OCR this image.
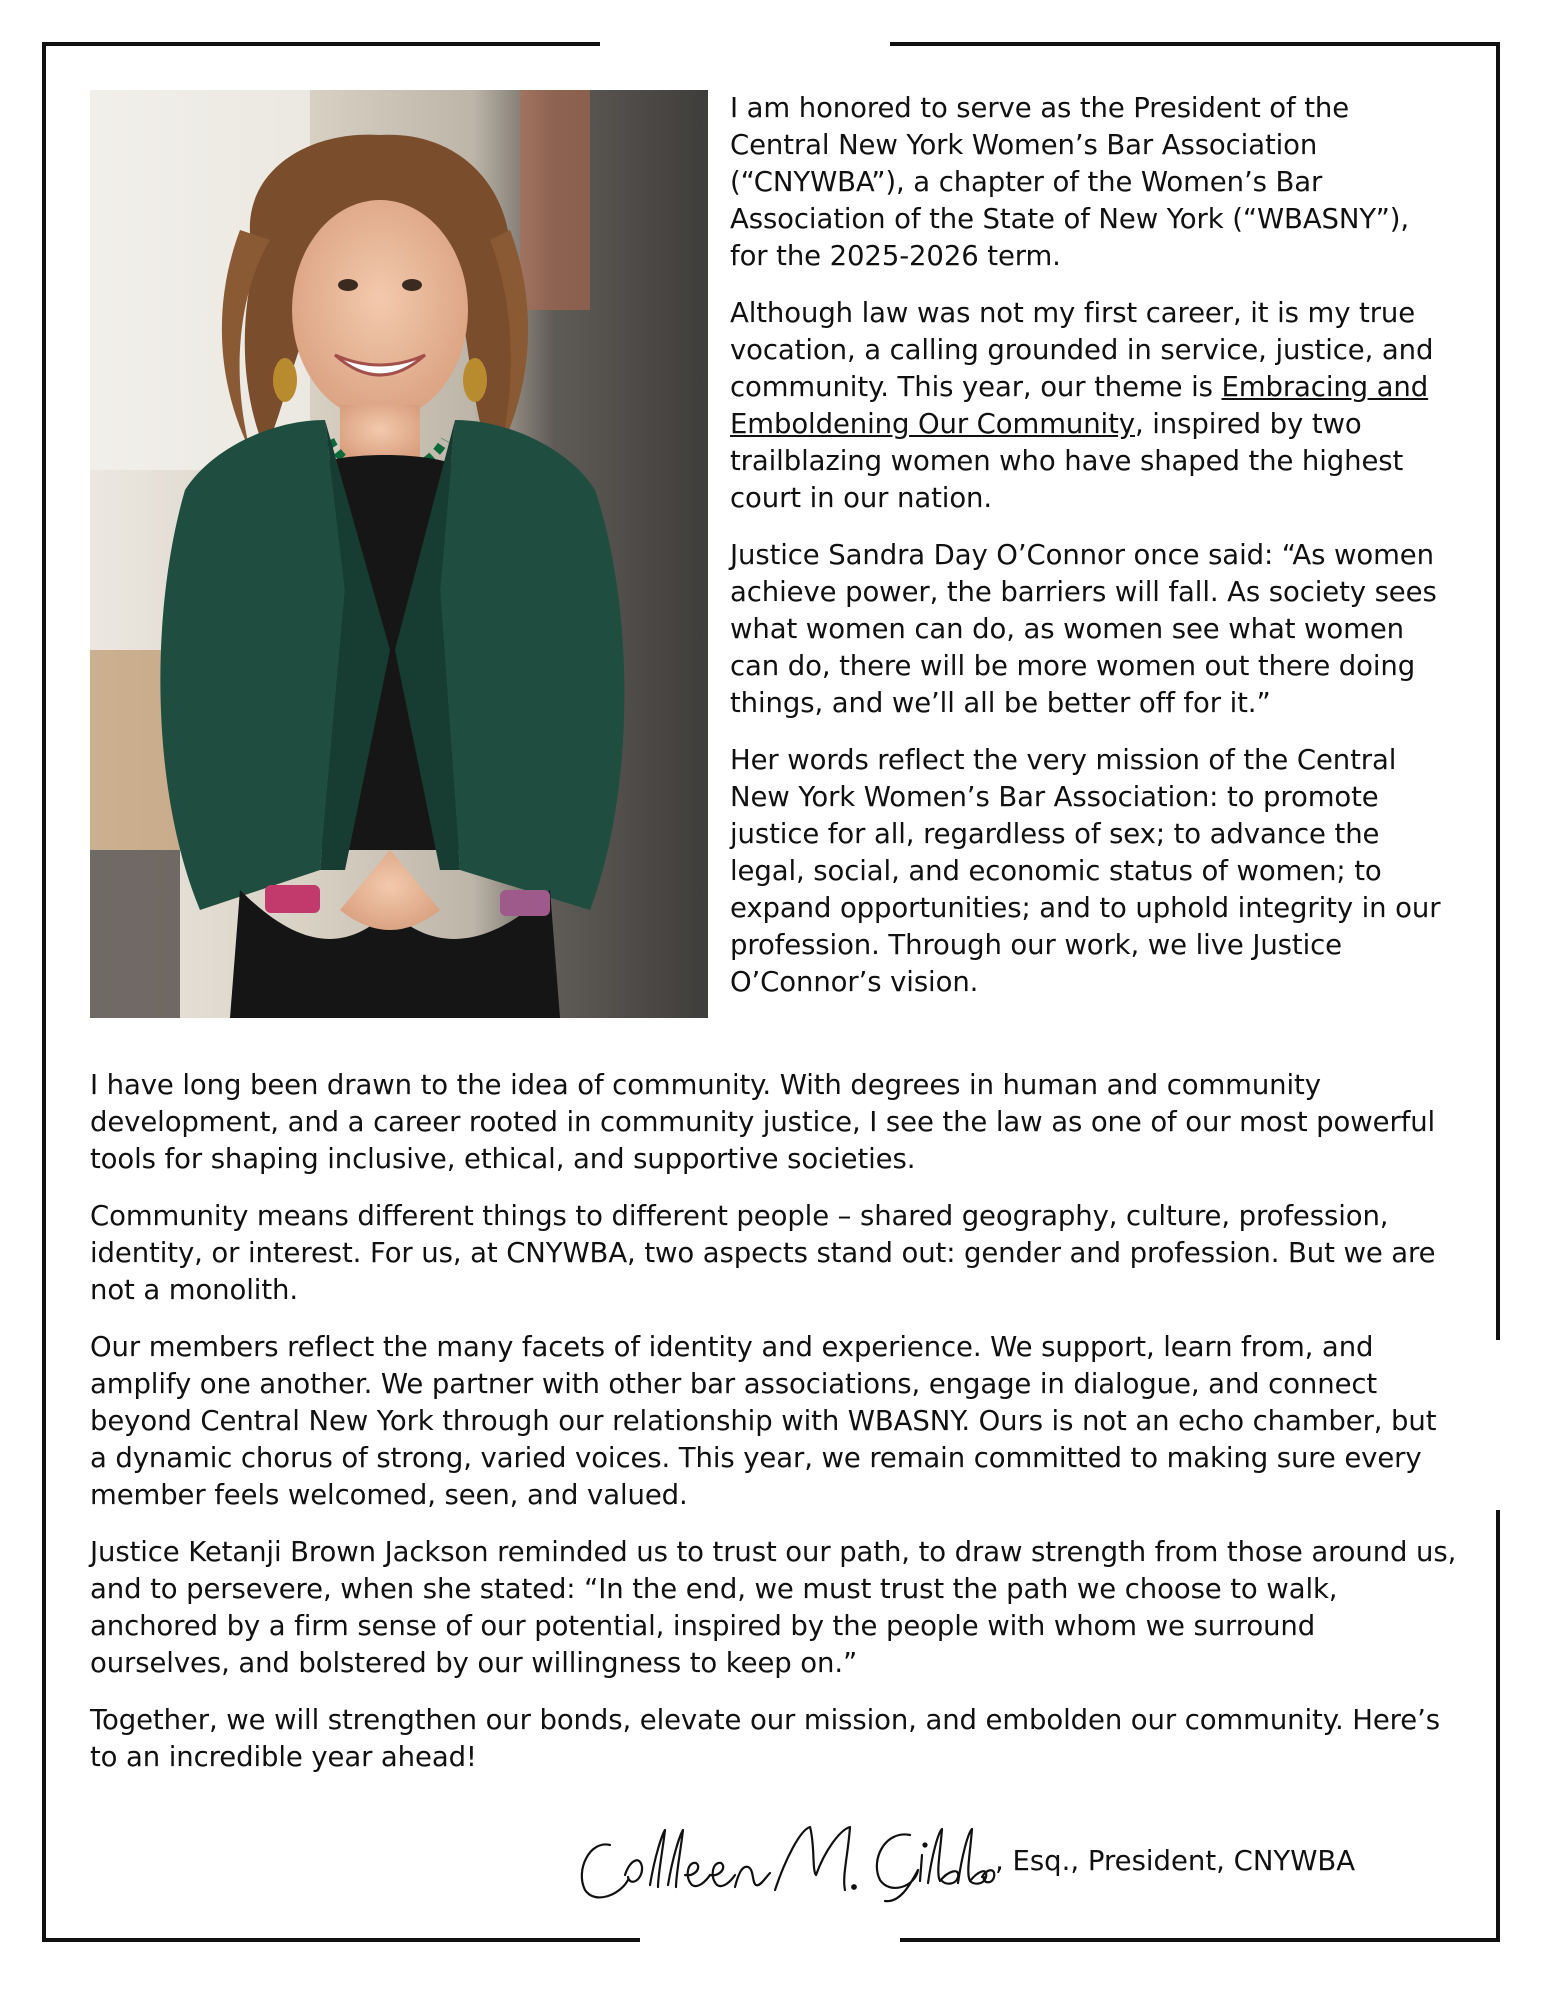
I am honored to serve as the President of the Central New York Women’s Bar Association (“CNYWBA”), a chapter of the Women’s Bar Association of the State of New York (“WBASNY”), for the 2025-2026 term.

Although law was not my first career, it is my true vocation, a calling grounded in service, justice, and community. This year, our theme is Embracing and Emboldening Our Community, inspired by two trailblazing women who have shaped the highest court in our nation.

Justice Sandra Day O’Connor once said: “As women achieve power, the barriers will fall. As society sees what women can do, as women see what women can do, there will be more women out there doing things, and we’ll all be better off for it.”

Her words reflect the very mission of the Central New York Women’s Bar Association: to promote justice for all, regardless of sex; to advance the legal, social, and economic status of women; to expand opportunities; and to uphold integrity in our profession. Through our work, we live Justice O’Connor’s vision.

I have long been drawn to the idea of community. With degrees in human and community development, and a career rooted in community justice, I see the law as one of our most powerful tools for shaping inclusive, ethical, and supportive societies.

Community means different things to different people – shared geography, culture, profession, identity, or interest. For us, at CNYWBA, two aspects stand out: gender and profession. But we are not a monolith.

Our members reflect the many facets of identity and experience. We support, learn from, and amplify one another. We partner with other bar associations, engage in dialogue, and connect beyond Central New York through our relationship with WBASNY. Ours is not an echo chamber, but a dynamic chorus of strong, varied voices. This year, we remain committed to making sure every member feels welcomed, seen, and valued.

Justice Ketanji Brown Jackson reminded us to trust our path, to draw strength from those around us, and to persevere, when she stated: “In the end, we must trust the path we choose to walk, anchored by a firm sense of our potential, inspired by the people with whom we surround ourselves, and bolstered by our willingness to keep on.”

Together, we will strengthen our bonds, elevate our mission, and embolden our community. Here’s to an incredible year ahead!

, Esq., President, CNYWBA
